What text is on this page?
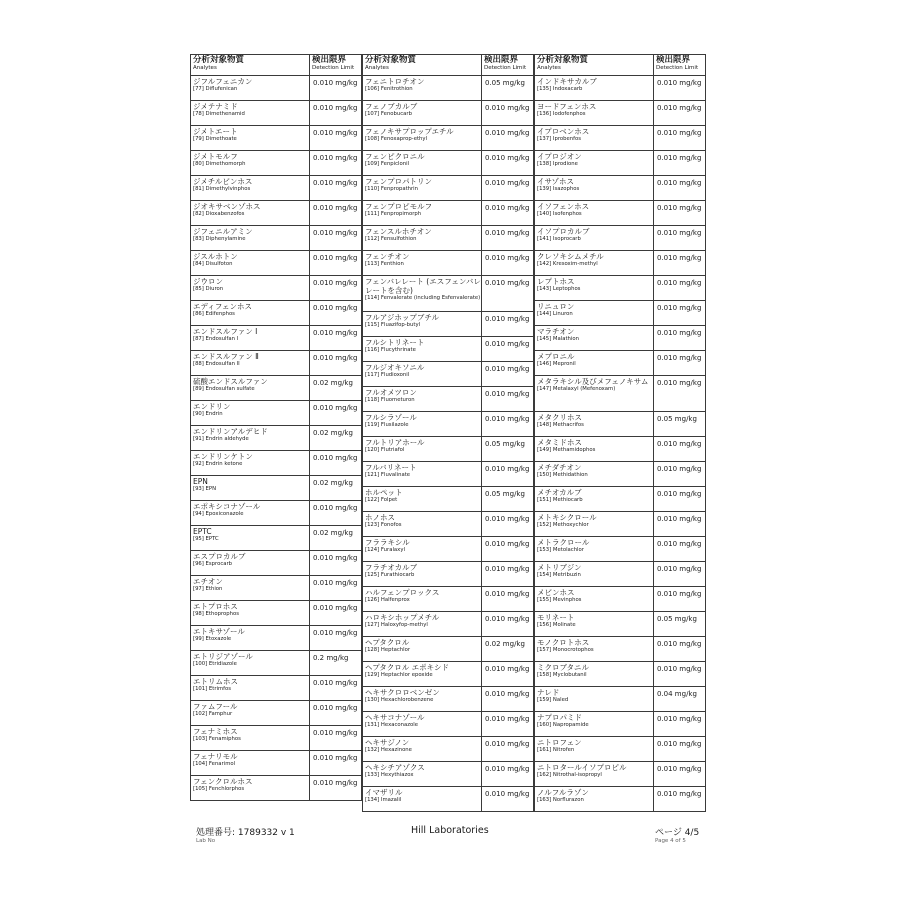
分析対象物質
Analytes
検出限界
Detection Limit
ジフルフェニカン
[77] Diflufenican
0.010 mg/kg
ジメテナミド
[78] Dimethenamid
0.010 mg/kg
ジメトエート
[79] Dimethoate
0.010 mg/kg
ジメトモルフ
[80] Dimethomorph
0.010 mg/kg
ジメチルビンホス
[81] Dimethylvinphos
0.010 mg/kg
ジオキサベンゾホス
[82] Dioxabenzofos
0.010 mg/kg
ジフェニルアミン
[83] Diphenylamine
0.010 mg/kg
ジスルホトン
[84] Disulfoton
0.010 mg/kg
ジウロン
[85] Diuron
0.010 mg/kg
エディフェンホス
[86] Edifenphos
0.010 mg/kg
エンドスルファン Ⅰ
[87] Endosulfan I
0.010 mg/kg
エンドスルファン Ⅱ
[88] Endosulfan II
0.010 mg/kg
硫酸エンドスルファン
[89] Endosulfan sulfate
0.02 mg/kg
エンドリン
[90] Endrin
0.010 mg/kg
エンドリンアルデヒド
[91] Endrin aldehyde
0.02 mg/kg
エンドリンケトン
[92] Endrin ketone
0.010 mg/kg
EPN
[93] EPN
0.02 mg/kg
エポキシコナゾール
[94] Epoxiconazole
0.010 mg/kg
EPTC
[95] EPTC
0.02 mg/kg
エスプロカルブ
[96] Esprocarb
0.010 mg/kg
エチオン
[97] Ethion
0.010 mg/kg
エトプロホス
[98] Ethoprophos
0.010 mg/kg
エトキサゾール
[99] Etoxazole
0.010 mg/kg
エトリジアゾール
[100] Etridiazole
0.2 mg/kg
エトリムホス
[101] Etrimfos
0.010 mg/kg
ファムフール
[102] Famphur
0.010 mg/kg
フェナミホス
[103] Fenamiphos
0.010 mg/kg
フェナリモル
[104] Fenarimol
0.010 mg/kg
フェンクロルホス
[105] Fenchlorphos
0.010 mg/kg
分析対象物質
Analytes
検出限界
Detection Limit
フェニトロチオン
[106] Fenitrothion
0.05 mg/kg
フェノブカルブ
[107] Fenobucarb
0.010 mg/kg
フェノキサプロップエチル
[108] Fenoxaprop-ethyl
0.010 mg/kg
フェンピクロニル
[109] Fenpiclonil
0.010 mg/kg
フェンプロパトリン
[110] Fenpropathrin
0.010 mg/kg
フェンプロピモルフ
[111] Fenpropimorph
0.010 mg/kg
フェンスルホチオン
[112] Fensulfothion
0.010 mg/kg
フェンチオン
[113] Fenthion
0.010 mg/kg
フェンバレレート (エスフェンバレレートを含む)
[114] Fenvalerate (including Esfenvalerate)
0.010 mg/kg
フルアジホップブチル
[115] Fluazifop-butyl
0.010 mg/kg
フルシトリネート
[116] Flucythrinate
0.010 mg/kg
フルジオキソニル
[117] Fludioxonil
0.010 mg/kg
フルオメツロン
[118] Fluometuron
0.010 mg/kg
フルシラゾール
[119] Flusilazole
0.010 mg/kg
フルトリアホール
[120] Flutriafol
0.05 mg/kg
フルバリネート
[121] Fluvalinate
0.010 mg/kg
ホルペット
[122] Folpet
0.05 mg/kg
ホノホス
[123] Fonofos
0.010 mg/kg
フララキシル
[124] Furalaxyl
0.010 mg/kg
フラチオカルブ
[125] Furathiocarb
0.010 mg/kg
ハルフェンプロックス
[126] Halfenprox
0.010 mg/kg
ハロキシホップメチル
[127] Haloxyfop-methyl
0.010 mg/kg
ヘプタクロル
[128] Heptachlor
0.02 mg/kg
ヘプタクロル エポキシド
[129] Heptachlor epoxide
0.010 mg/kg
ヘキサクロロベンゼン
[130] Hexachlorobenzene
0.010 mg/kg
ヘキサコナゾール
[131] Hexaconazole
0.010 mg/kg
ヘキサジノン
[132] Hexazinone
0.010 mg/kg
ヘキシチアゾクス
[133] Hexythiazox
0.010 mg/kg
イマザリル
[134] Imazalil
0.010 mg/kg
分析対象物質
Analytes
検出限界
Detection Limit
インドキサカルブ
[135] Indoxacarb
0.010 mg/kg
ヨードフェンホス
[136] Iodofenphos
0.010 mg/kg
イプロベンホス
[137] Iprobenfos
0.010 mg/kg
イプロジオン
[138] Iprodione
0.010 mg/kg
イサゾホス
[139] Isazophos
0.010 mg/kg
イソフェンホス
[140] Isofenphos
0.010 mg/kg
イソプロカルブ
[141] Isoprocarb
0.010 mg/kg
クレソキシムメチル
[142] Kresoxim-methyl
0.010 mg/kg
レプトホス
[143] Leptophos
0.010 mg/kg
リニュロン
[144] Linuron
0.010 mg/kg
マラチオン
[145] Malathion
0.010 mg/kg
メプロニル
[146] Mepronil
0.010 mg/kg
メタラキシル及びメフェノキサム
[147] Metalaxyl (Mefenoxam)
0.010 mg/kg
メタクリホス
[148] Methacrifos
0.05 mg/kg
メタミドホス
[149] Methamidophos
0.010 mg/kg
メチダチオン
[150] Methidathion
0.010 mg/kg
メチオカルブ
[151] Methiocarb
0.010 mg/kg
メトキシクロール
[152] Methoxychlor
0.010 mg/kg
メトラクロール
[153] Metolachlor
0.010 mg/kg
メトリブジン
[154] Metribuzin
0.010 mg/kg
メビンホス
[155] Mevinphos
0.010 mg/kg
モリネート
[156] Molinate
0.05 mg/kg
モノクロトホス
[157] Monocrotophos
0.010 mg/kg
ミクロブタニル
[158] Myclobutanil
0.010 mg/kg
ナレド
[159] Naled
0.04 mg/kg
ナプロパミド
[160] Napropamide
0.010 mg/kg
ニトロフェン
[161] Nitrofen
0.010 mg/kg
ニトロタールイソプロピル
[162] Nitrothal-isopropyl
0.010 mg/kg
ノルフルラゾン
[163] Norflurazon
0.010 mg/kg
処理番号: 1789332 v 1
Lab No
Hill Laboratories	ページ 4/5
Page 4 of 5
